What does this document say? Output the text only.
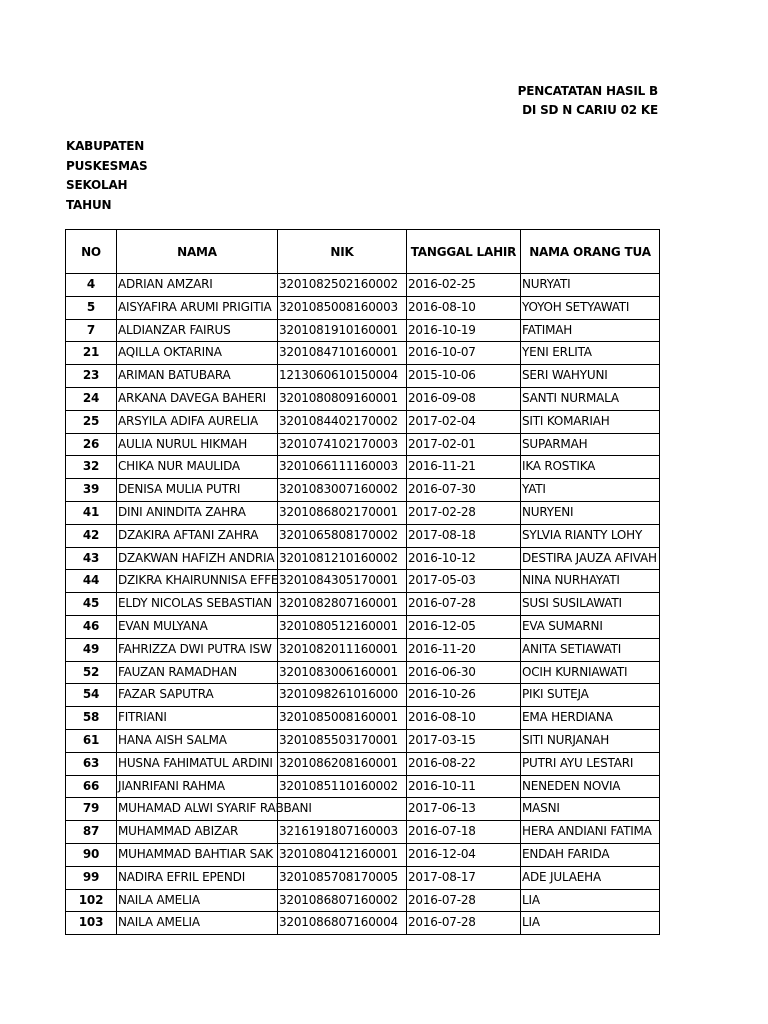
PENCATATAN HASIL B
DI SD N CARIU 02 KE
KABUPATEN
PUSKESMAS
SEKOLAH
TAHUN
NO	NAMA	NIK	TANGGAL LAHIR	NAMA ORANG TUA
4	ADRIAN AMZARI	3201082502160002	2016-02-25	NURYATI
5	AISYAFIRA ARUMI PRIGITIA	3201085008160003	2016-08-10	YOYOH SETYAWATI
7	ALDIANZAR FAIRUS	3201081910160001	2016-10-19	FATIMAH
21	AQILLA OKTARINA	3201084710160001	2016-10-07	YENI ERLITA
23	ARIMAN BATUBARA	1213060610150004	2015-10-06	SERI WAHYUNI
24	ARKANA DAVEGA BAHERI	3201080809160001	2016-09-08	SANTI NURMALA
25	ARSYILA ADIFA AURELIA	3201084402170002	2017-02-04	SITI KOMARIAH
26	AULIA NURUL HIKMAH	3201074102170003	2017-02-01	SUPARMAH
32	CHIKA NUR MAULIDA	3201066111160003	2016-11-21	IKA ROSTIKA
39	DENISA MULIA PUTRI	3201083007160002	2016-07-30	YATI
41	DINI ANINDITA ZAHRA	3201086802170001	2017-02-28	NURYENI
42	DZAKIRA AFTANI ZAHRA	3201065808170002	2017-08-18	SYLVIA RIANTY LOHY
43	DZAKWAN HAFIZH ANDRIA	3201081210160002	2016-10-12	DESTIRA JAUZA AFIVAH
44	DZIKRA KHAIRUNNISA EFFE	3201084305170001	2017-05-03	NINA NURHAYATI
45	ELDY NICOLAS SEBASTIAN	3201082807160001	2016-07-28	SUSI SUSILAWATI
46	EVAN MULYANA	3201080512160001	2016-12-05	EVA SUMARNI
49	FAHRIZZA DWI PUTRA ISW	3201082011160001	2016-11-20	ANITA SETIAWATI
52	FAUZAN RAMADHAN	3201083006160001	2016-06-30	OCIH KURNIAWATI
54	FAZAR SAPUTRA	3201098261016000	2016-10-26	PIKI SUTEJA
58	FITRIANI	3201085008160001	2016-08-10	EMA HERDIANA
61	HANA AISH SALMA	3201085503170001	2017-03-15	SITI NURJANAH
63	HUSNA FAHIMATUL ARDINI	3201086208160001	2016-08-22	PUTRI AYU LESTARI
66	JIANRIFANI RAHMA	3201085110160002	2016-10-11	NENEDEN NOVIA
79	MUHAMAD ALWI SYARIF RABBANI		2017-06-13	MASNI
87	MUHAMMAD ABIZAR	3216191807160003	2016-07-18	HERA ANDIANI FATIMA
90	MUHAMMAD BAHTIAR SAK	3201080412160001	2016-12-04	ENDAH FARIDA
99	NADIRA EFRIL EPENDI	3201085708170005	2017-08-17	ADE JULAEHA
102	NAILA AMELIA	3201086807160002	2016-07-28	LIA
103	NAILA AMELIA	3201086807160004	2016-07-28	LIA
